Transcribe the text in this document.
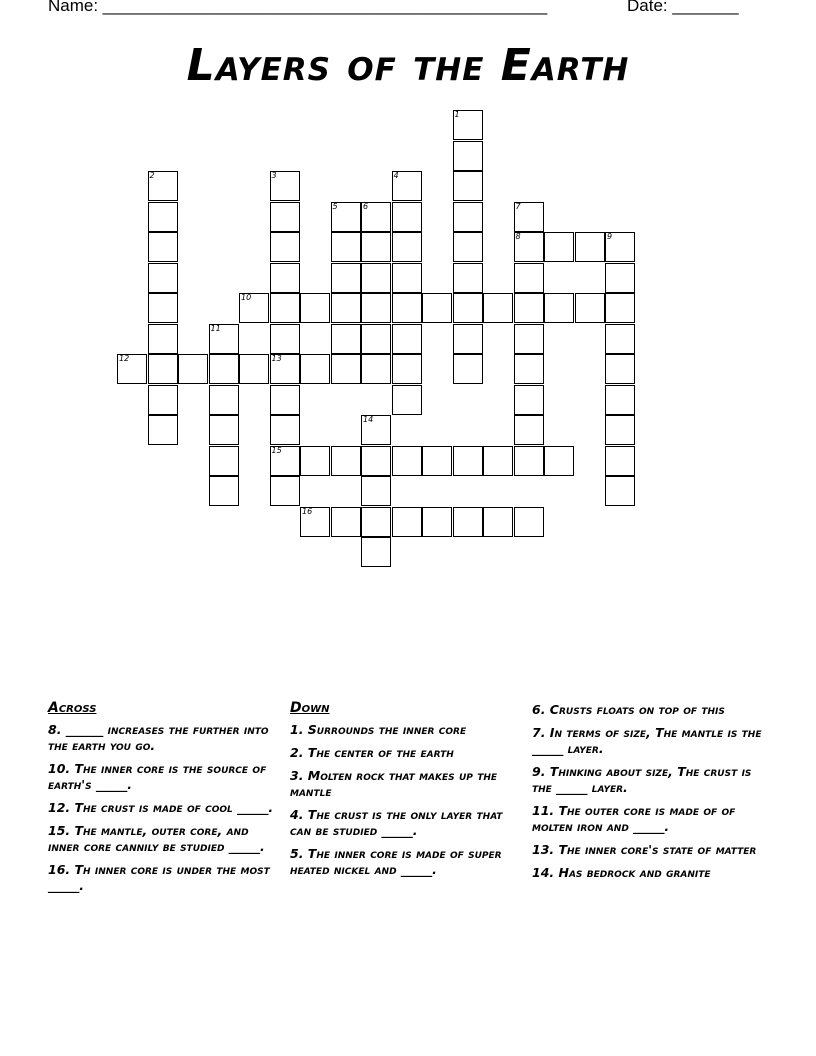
Name: _______________________________________________	Date: _______
Layers of the Earth
1
2	3	4
5	6	7
8	9
10
11
12	13
15
14
16
Across
8. ______ increases the further into the earth you go.
10. The inner core is the source of earth's _____.
12. The crust is made of cool _____.
15. The mantle, outer core, and inner core cannily be studied _____.
16. Th inner core is under the most _____.
Down
1. Surrounds the inner core
2. The center of the earth
3. Molten rock that makes up the mantle
4. The crust is the only layer that can be studied _____.
5. The inner core is made of super heated nickel and _____.
6. Crusts floats on top of this
7. In terms of size, The mantle is the _____ layer.
9. Thinking about size, The crust is the _____ layer.
11. The outer core is made of of molten iron and _____.
13. The inner core's state of matter
14. Has bedrock and granite
